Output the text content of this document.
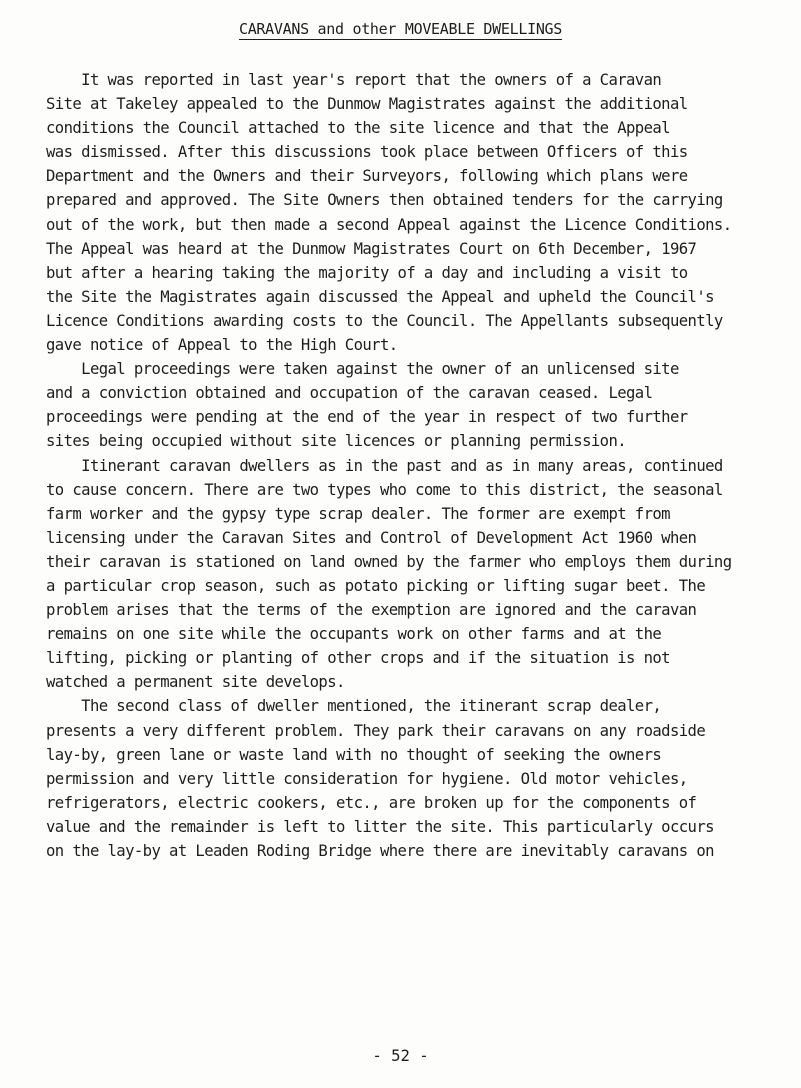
CARAVANS and other MOVEABLE DWELLINGS
It was reported in last year's report that the owners of a Caravan
Site at Takeley appealed to the Dunmow Magistrates against the additional
conditions the Council attached to the site licence and that the Appeal
was dismissed. After this discussions took place between Officers of this
Department and the Owners and their Surveyors, following which plans were
prepared and approved. The Site Owners then obtained tenders for the carrying
out of the work, but then made a second Appeal against the Licence Conditions.
The Appeal was heard at the Dunmow Magistrates Court on 6th December, 1967
but after a hearing taking the majority of a day and including a visit to
the Site the Magistrates again discussed the Appeal and upheld the Council's
Licence Conditions awarding costs to the Council. The Appellants subsequently
gave notice of Appeal to the High Court.
Legal proceedings were taken against the owner of an unlicensed site
and a conviction obtained and occupation of the caravan ceased. Legal
proceedings were pending at the end of the year in respect of two further
sites being occupied without site licences or planning permission.
Itinerant caravan dwellers as in the past and as in many areas, continued
to cause concern. There are two types who come to this district, the seasonal
farm worker and the gypsy type scrap dealer. The former are exempt from
licensing under the Caravan Sites and Control of Development Act 1960 when
their caravan is stationed on land owned by the farmer who employs them during
a particular crop season, such as potato picking or lifting sugar beet. The
problem arises that the terms of the exemption are ignored and the caravan
remains on one site while the occupants work on other farms and at the
lifting, picking or planting of other crops and if the situation is not
watched a permanent site develops.
The second class of dweller mentioned, the itinerant scrap dealer,
presents a very different problem. They park their caravans on any roadside
lay-by, green lane or waste land with no thought of seeking the owners
permission and very little consideration for hygiene. Old motor vehicles,
refrigerators, electric cookers, etc., are broken up for the components of
value and the remainder is left to litter the site. This particularly occurs
on the lay-by at Leaden Roding Bridge where there are inevitably caravans on
- 52 -
